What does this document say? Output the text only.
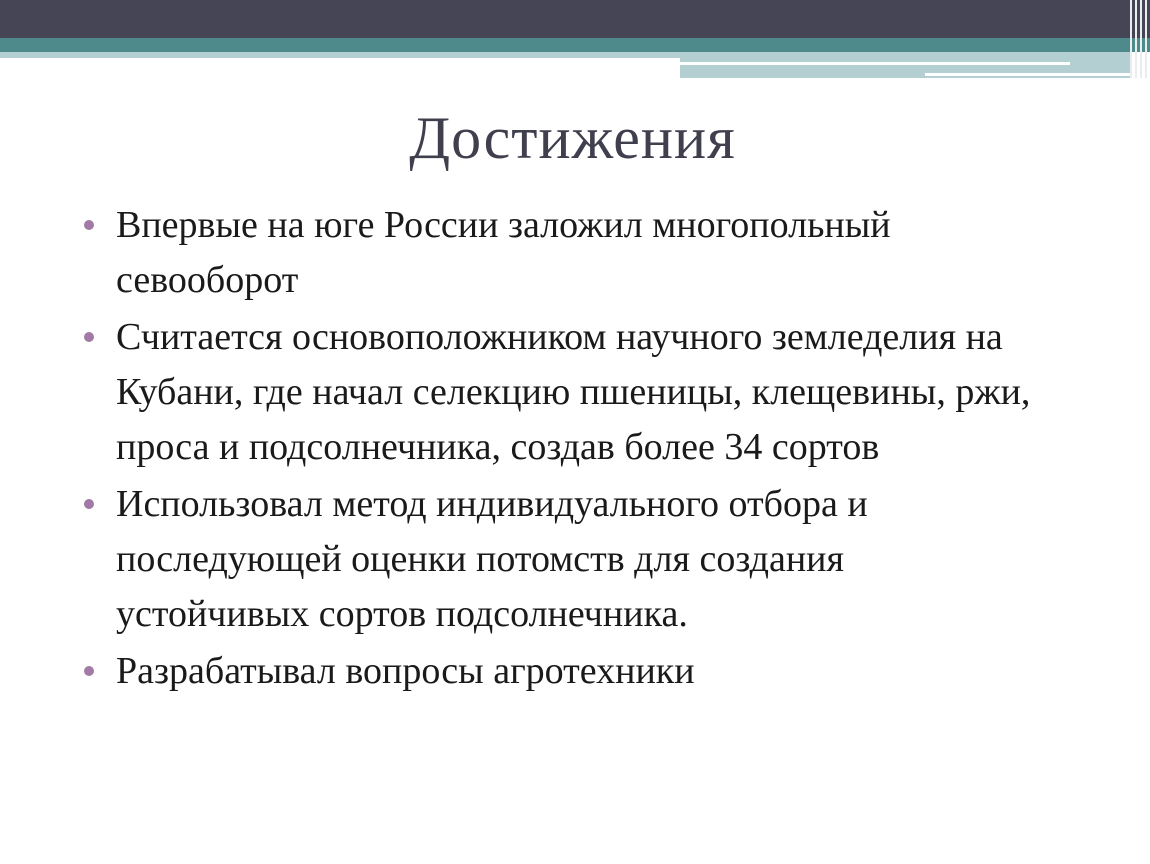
Достижения
Впервые на юге России заложил многопольный севооборот
Считается основоположником научного земледелия на Кубани, где начал селекцию пшеницы, клещевины, ржи, проса и подсолнечника, создав более 34 сортов
Использовал метод индивидуального отбора и последующей оценки потомств для создания устойчивых сортов подсолнечника.
Разрабатывал вопросы агротехники
